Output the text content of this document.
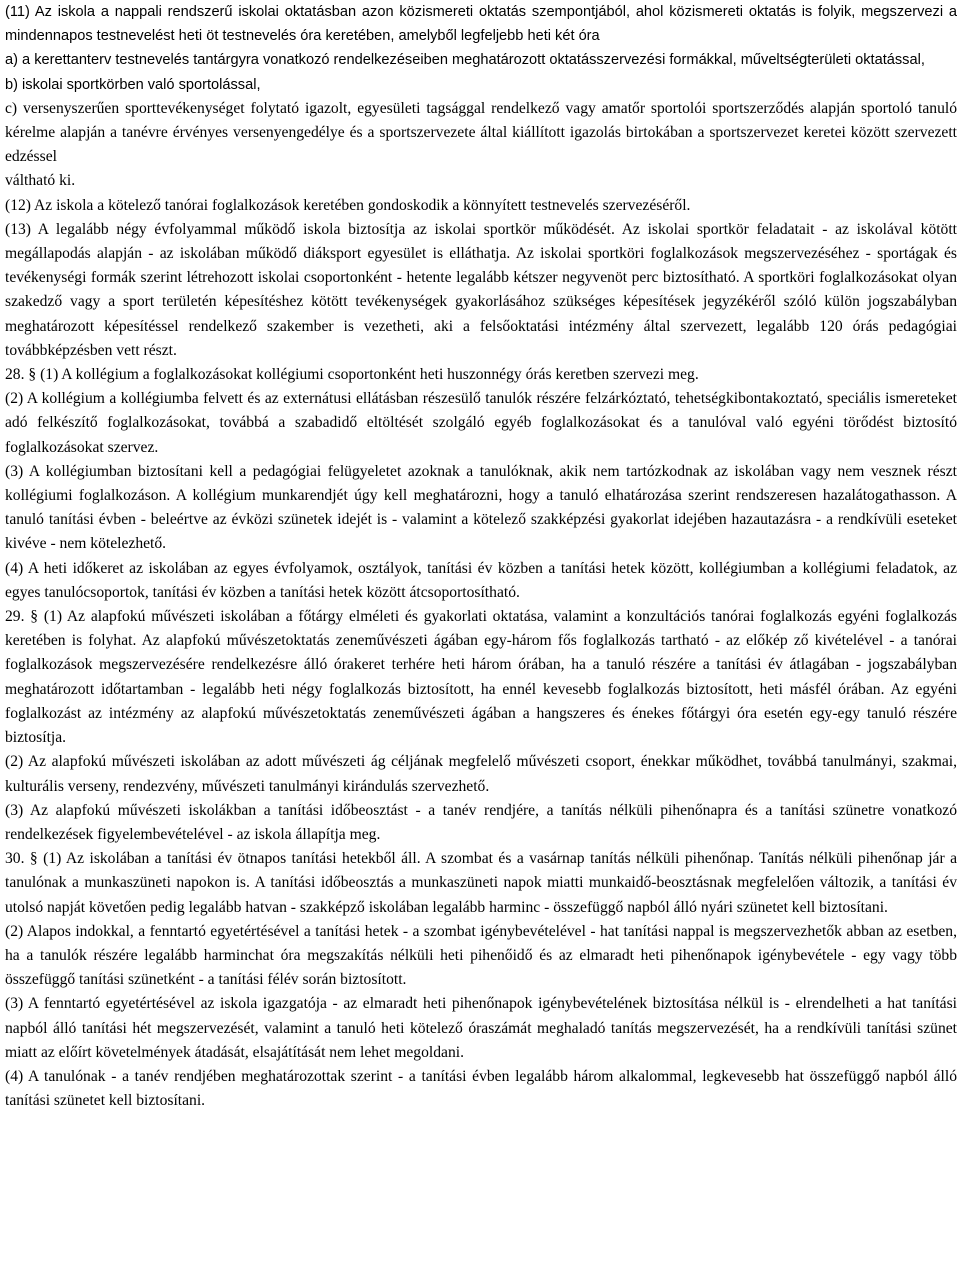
(11) Az iskola a nappali rendszerű iskolai oktatásban azon közismereti oktatás szempontjából, ahol közismereti oktatás is folyik, megszervezi a mindennapos testnevelést heti öt testnevelés óra keretében, amelyből legfeljebb heti két óra

a) a kerettanterv testnevelés tantárgyra vonatkozó rendelkezéseiben meghatározott oktatásszervezési formákkal, műveltségterületi oktatással,

b) iskolai sportkörben való sportolással,

c) versenyszerűen sporttevékenységet folytató igazolt, egyesületi tagsággal rendelkező vagy amatőr sportolói sportszerződés alapján sportoló tanuló kérelme alapján a tanévre érvényes versenyengedélye és a sportszervezete által kiállított igazolás birtokában a sportszervezet keretei között szervezett edzéssel

váltható ki.

(12) Az iskola a kötelező tanórai foglalkozások keretében gondoskodik a könnyített testnevelés szervezéséről.

(13) A legalább négy évfolyammal működő iskola biztosítja az iskolai sportkör működését. Az iskolai sportkör feladatait - az iskolával kötött megállapodás alapján - az iskolában működő diáksport egyesület is elláthatja. Az iskolai sportköri foglalkozások megszervezéséhez - sportágak és tevékenységi formák szerint létrehozott iskolai csoportonként - hetente legalább kétszer negyvenöt perc biztosítható. A sportköri foglalkozásokat olyan szakedző vagy a sport területén képesítéshez kötött tevékenységek gyakorlásához szükséges képesítések jegyzékéről szóló külön jogszabályban meghatározott képesítéssel rendelkező szakember is vezetheti, aki a felsőoktatási intézmény által szervezett, legalább 120 órás pedagógiai továbbképzésben vett részt.

28. § (1) A kollégium a foglalkozásokat kollégiumi csoportonként heti huszonnégy órás keretben szervezi meg.

(2) A kollégium a kollégiumba felvett és az externátusi ellátásban részesülő tanulók részére felzárkóztató, tehetségkibontakoztató, speciális ismereteket adó felkészítő foglalkozásokat, továbbá a szabadidő eltöltését szolgáló egyéb foglalkozásokat és a tanulóval való egyéni törődést biztosító foglalkozásokat szervez.

(3) A kollégiumban biztosítani kell a pedagógiai felügyeletet azoknak a tanulóknak, akik nem tartózkodnak az iskolában vagy nem vesznek részt kollégiumi foglalkozáson. A kollégium munkarendjét úgy kell meghatározni, hogy a tanuló elhatározása szerint rendszeresen hazalátogathasson. A tanuló tanítási évben - beleértve az évközi szünetek idejét is - valamint a kötelező szakképzési gyakorlat idejében hazautazásra - a rendkívüli eseteket kivéve - nem kötelezhető.

(4) A heti időkeret az iskolában az egyes évfolyamok, osztályok, tanítási év közben a tanítási hetek között, kollégiumban a kollégiumi feladatok, az egyes tanulócsoportok, tanítási év közben a tanítási hetek között átcsoportosítható.

29. § (1) Az alapfokú művészeti iskolában a főtárgy elméleti és gyakorlati oktatása, valamint a konzultációs tanórai foglalkozás egyéni foglalkozás keretében is folyhat. Az alapfokú művészetoktatás zeneművészeti ágában egy-három fős foglalkozás tartható - az előkép ző kivételével - a tanórai foglalkozások megszervezésére rendelkezésre álló órakeret terhére heti három órában, ha a tanuló részére a tanítási év átlagában - jogszabályban meghatározott időtartamban - legalább heti négy foglalkozás biztosított, ha ennél kevesebb foglalkozás biztosított, heti másfél órában. Az egyéni foglalkozást az intézmény az alapfokú művészetoktatás zeneművészeti ágában a hangszeres és énekes főtárgyi óra esetén egy-egy tanuló részére biztosítja.

(2) Az alapfokú művészeti iskolában az adott művészeti ág céljának megfelelő művészeti csoport, énekkar működhet, továbbá tanulmányi, szakmai, kulturális verseny, rendezvény, művészeti tanulmányi kirándulás szervezhető.

(3) Az alapfokú művészeti iskolákban a tanítási időbeosztást - a tanév rendjére, a tanítás nélküli pihenőnapra és a tanítási szünetre vonatkozó rendelkezések figyelembevételével - az iskola állapítja meg.

30. § (1) Az iskolában a tanítási év ötnapos tanítási hetekből áll. A szombat és a vasárnap tanítás nélküli pihenőnap. Tanítás nélküli pihenőnap jár a tanulónak a munkaszüneti napokon is. A tanítási időbeosztás a munkaszüneti napok miatti munkaidő-beosztásnak megfelelően változik, a tanítási év utolsó napját követően pedig legalább hatvan - szakképző iskolában legalább harminc - összefüggő napból álló nyári szünetet kell biztosítani.

(2) Alapos indokkal, a fenntartó egyetértésével a tanítási hetek - a szombat igénybevételével - hat tanítási nappal is megszervezhetők abban az esetben, ha a tanulók részére legalább harminchat óra megszakítás nélküli heti pihenőidő és az elmaradt heti pihenőnapok igénybevétele - egy vagy több összefüggő tanítási szünetként - a tanítási félév során biztosított.

(3) A fenntartó egyetértésével az iskola igazgatója - az elmaradt heti pihenőnapok igénybevételének biztosítása nélkül is - elrendelheti a hat tanítási napból álló tanítási hét megszervezését, valamint a tanuló heti kötelező óraszámát meghaladó tanítás megszervezését, ha a rendkívüli tanítási szünet miatt az előírt követelmények átadását, elsajátítását nem lehet megoldani.

(4) A tanulónak - a tanév rendjében meghatározottak szerint - a tanítási évben legalább három alkalommal, legkevesebb hat összefüggő napból álló tanítási szünetet kell biztosítani.
